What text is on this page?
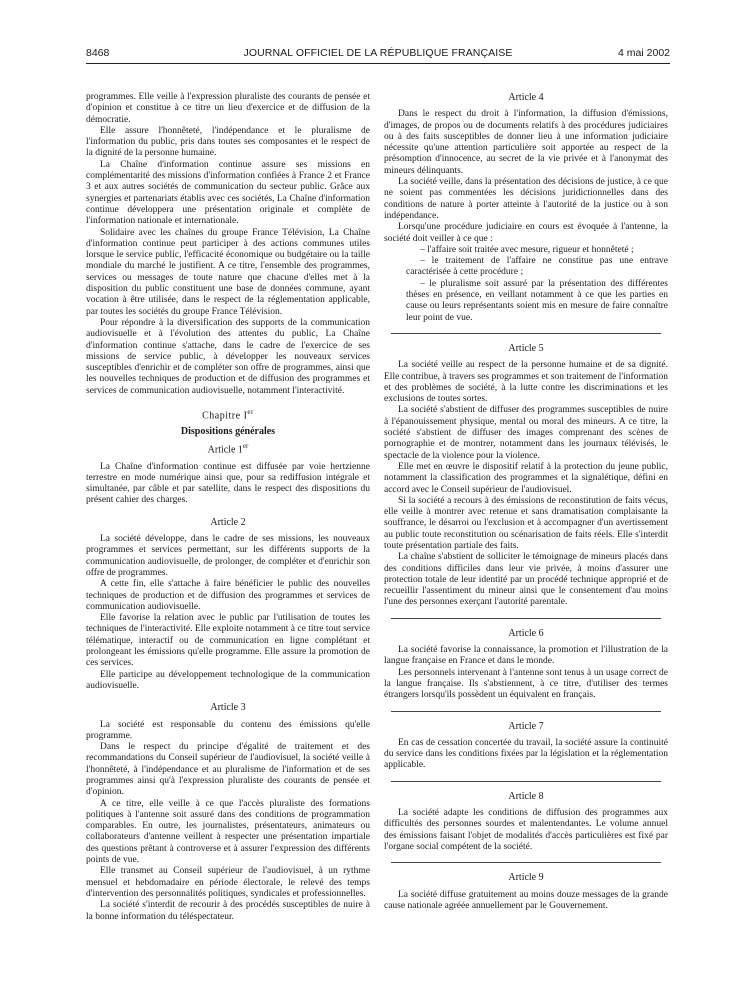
8468	JOURNAL OFFICIEL DE LA RÉPUBLIQUE FRANÇAISE	4 mai 2002

programmes. Elle veille à l'expression pluraliste des courants de pensée et d'opinion et constitue à ce titre un lieu d'exercice et de diffusion de la démocratie.

Elle assure l'honnêteté, l'indépendance et le pluralisme de l'information du public, pris dans toutes ses composantes et le respect de la dignité de la personne humaine.

La Chaîne d'information continue assure ses missions en complémentarité des missions d'information confiées à France 2 et France 3 et aux autres sociétés de communication du secteur public. Grâce aux synergies et partenariats établis avec ces sociétés, La Chaîne d'information continue développera une présentation originale et complète de l'information nationale et internationale.

Solidaire avec les chaînes du groupe France Télévision, La Chaîne d'information continue peut participer à des actions communes utiles lorsque le service public, l'efficacité économique ou budgétaire ou la taille mondiale du marché le justifient. A ce titre, l'ensemble des programmes, services ou messages de toute nature que chacune d'elles met à la disposition du public constituent une base de données commune, ayant vocation à être utilisée, dans le respect de la réglementation applicable, par toutes les sociétés du groupe France Télévision.

Pour répondre à la diversification des supports de la communication audiovisuelle et à l'évolution des attentes du public, La Chaîne d'information continue s'attache, dans le cadre de l'exercice de ses missions de service public, à développer les nouveaux services susceptibles d'enrichir et de compléter son offre de programmes, ainsi que les nouvelles techniques de production et de diffusion des programmes et services de communication audiovisuelle, notamment l'interactivité.

Chapitre Ier
Dispositions générales
Article 1er

La Chaîne d'information continue est diffusée par voie hertzienne terrestre en mode numérique ainsi que, pour sa rediffusion intégrale et simultanée, par câble et par satellite, dans le respect des dispositions du présent cahier des charges.

Article 2

La société développe, dans le cadre de ses missions, les nouveaux programmes et services permettant, sur les différents supports de la communication audiovisuelle, de prolonger, de compléter et d'enrichir son offre de programmes.

A cette fin, elle s'attache à faire bénéficier le public des nouvelles techniques de production et de diffusion des programmes et services de communication audiovisuelle.

Elle favorise la relation avec le public par l'utilisation de toutes les techniques de l'interactivité. Elle exploite notamment à ce titre tout service télématique, interactif ou de communication en ligne complétant et prolongeant les émissions qu'elle programme. Elle assure la promotion de ces services.

Elle participe au développement technologique de la communication audiovisuelle.

Article 3

La société est responsable du contenu des émissions qu'elle programme.

Dans le respect du principe d'égalité de traitement et des recommandations du Conseil supérieur de l'audiovisuel, la société veille à l'honnêteté, à l'indépendance et au pluralisme de l'information et de ses programmes ainsi qu'à l'expression pluraliste des courants de pensée et d'opinion.

A ce titre, elle veille à ce que l'accès pluraliste des formations politiques à l'antenne soit assuré dans des conditions de programmation comparables. En outre, les journalistes, présentateurs, animateurs ou collaborateurs d'antenne veillent à respecter une présentation impartiale des questions prêtant à controverse et à assurer l'expression des différents points de vue.

Elle transmet au Conseil supérieur de l'audiovisuel, à un rythme mensuel et hebdomadaire en période électorale, le relevé des temps d'intervention des personnalités politiques, syndicales et professionnelles.

La société s'interdit de recourir à des procédés susceptibles de nuire à la bonne information du téléspectateur.

Article 4

Dans le respect du droit à l'information, la diffusion d'émissions, d'images, de propos ou de documents relatifs à des procédures judiciaires ou à des faits susceptibles de donner lieu à une information judiciaire nécessite qu'une attention particulière soit apportée au respect de la présomption d'innocence, au secret de la vie privée et à l'anonymat des mineurs délinquants.

La société veille, dans la présentation des décisions de justice, à ce que ne soient pas commentées les décisions juridictionnelles dans des conditions de nature à porter atteinte à l'autorité de la justice ou à son indépendance.

Lorsqu'une procédure judiciaire en cours est évoquée à l'antenne, la société doit veiller à ce que :

– l'affaire soit traitée avec mesure, rigueur et honnêteté ;

– le traitement de l'affaire ne constitue pas une entrave caractérisée à cette procédure ;

– le pluralisme soit assuré par la présentation des différentes thèses en présence, en veillant notamment à ce que les parties en cause ou leurs représentants soient mis en mesure de faire connaître leur point de vue.

Article 5

La société veille au respect de la personne humaine et de sa dignité. Elle contribue, à travers ses programmes et son traitement de l'information et des problèmes de société, à la lutte contre les discriminations et les exclusions de toutes sortes.

La société s'abstient de diffuser des programmes susceptibles de nuire à l'épanouissement physique, mental ou moral des mineurs. A ce titre, la société s'abstient de diffuser des images comprenant des scènes de pornographie et de montrer, notamment dans les journaux télévisés, le spectacle de la violence pour la violence.

Elle met en œuvre le dispositif relatif à la protection du jeune public, notamment la classification des programmes et la signalétique, défini en accord avec le Conseil supérieur de l'audiovisuel.

Si la société a recours à des émissions de reconstitution de faits vécus, elle veille à montrer avec retenue et sans dramatisation complaisante la souffrance, le désarroi ou l'exclusion et à accompagner d'un avertissement au public toute reconstitution ou scénarisation de faits réels. Elle s'interdit toute présentation partiale des faits.

La chaîne s'abstient de solliciter le témoignage de mineurs placés dans des conditions difficiles dans leur vie privée, à moins d'assurer une protection totale de leur identité par un procédé technique approprié et de recueillir l'assentiment du mineur ainsi que le consentement d'au moins l'une des personnes exerçant l'autorité parentale.

Article 6

La société favorise la connaissance, la promotion et l'illustration de la langue française en France et dans le monde.

Les personnels intervenant à l'antenne sont tenus à un usage correct de la langue française. Ils s'abstiennent, à ce titre, d'utiliser des termes étrangers lorsqu'ils possèdent un équivalent en français.

Article 7

En cas de cessation concertée du travail, la société assure la continuité du service dans les conditions fixées par la législation et la réglementation applicable.

Article 8

La société adapte les conditions de diffusion des programmes aux difficultés des personnes sourdes et malentendantes. Le volume annuel des émissions faisant l'objet de modalités d'accès particulières est fixé par l'organe social compétent de la société.

Article 9

La société diffuse gratuitement au moins douze messages de la grande cause nationale agréée annuellement par le Gouvernement.
